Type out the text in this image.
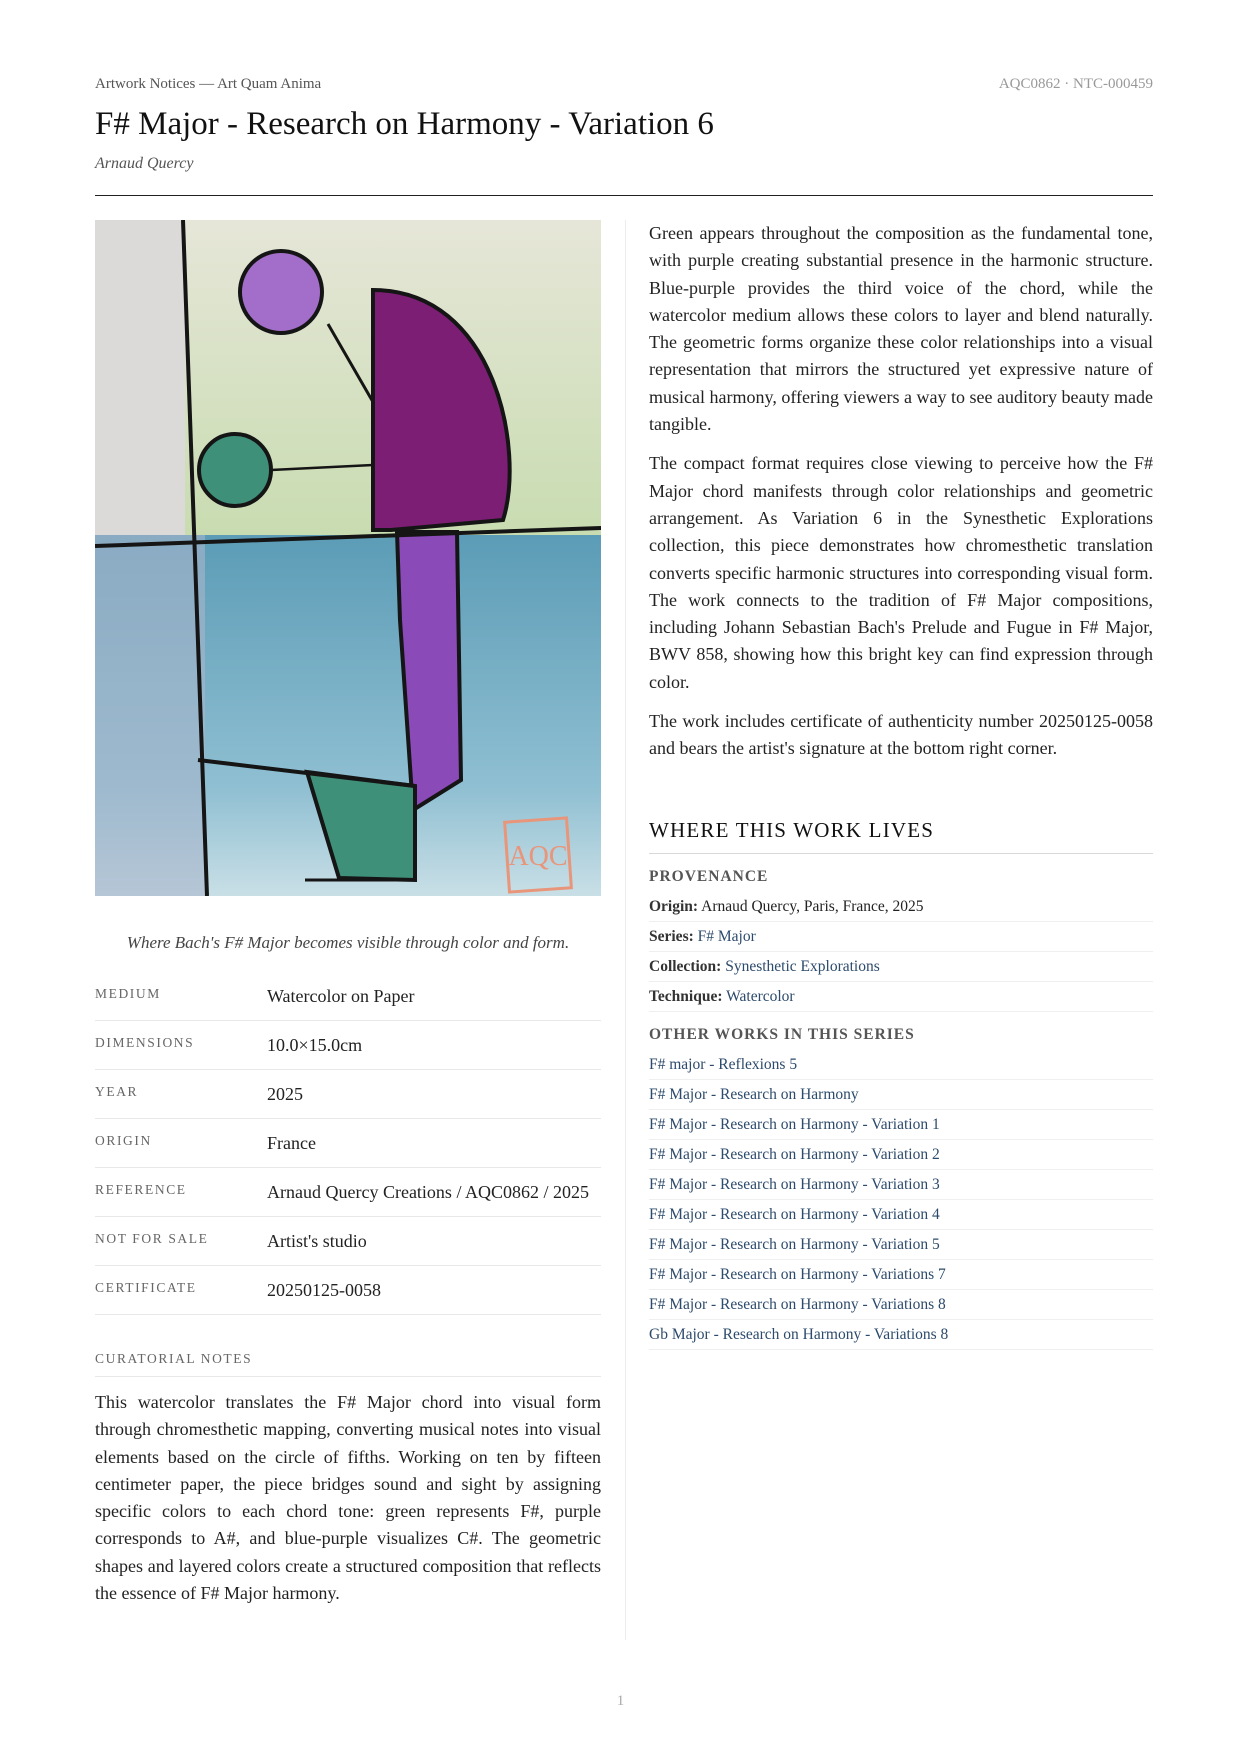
Artwork Notices — Art Quam Anima	AQC0862 · NTC-000459
F# Major - Research on Harmony - Variation 6
Arnaud Quercy
AQC
Where Bach's F# Major becomes visible through color and form.
MEDIUM	Watercolor on Paper
DIMENSIONS	10.0×15.0cm
YEAR	2025
ORIGIN	France
REFERENCE	Arnaud Quercy Creations / AQC0862 / 2025
NOT FOR SALE	Artist's studio
CERTIFICATE	20250125-0058
CURATORIAL NOTES

This watercolor translates the F# Major chord into visual form through chromesthetic mapping, converting musical notes into visual elements based on the circle of fifths. Working on ten by fifteen centimeter paper, the piece bridges sound and sight by assigning specific colors to each chord tone: green represents F#, purple corresponds to A#, and blue-purple visualizes C#. The geometric shapes and layered colors create a structured composition that reflects the essence of F# Major harmony.

Green appears throughout the composition as the fundamental tone, with purple creating substantial presence in the harmonic structure. Blue-purple provides the third voice of the chord, while the watercolor medium allows these colors to layer and blend naturally. The geometric forms organize these color relationships into a visual representation that mirrors the structured yet expressive nature of musical harmony, offering viewers a way to see auditory beauty made tangible.

The compact format requires close viewing to perceive how the F# Major chord manifests through color relationships and geometric arrangement. As Variation 6 in the Synesthetic Explorations collection, this piece demonstrates how chromesthetic translation converts specific harmonic structures into corresponding visual form. The work connects to the tradition of F# Major compositions, including Johann Sebastian Bach's Prelude and Fugue in F# Major, BWV 858, showing how this bright key can find expression through color.

The work includes certificate of authenticity number 20250125-0058 and bears the artist's signature at the bottom right corner.

WHERE THIS WORK LIVES
PROVENANCE
Origin: Arnaud Quercy, Paris, France, 2025
Series: F# Major
Collection: Synesthetic Explorations
Technique: Watercolor
OTHER WORKS IN THIS SERIES
F# major - Reflexions 5
F# Major - Research on Harmony
F# Major - Research on Harmony - Variation 1
F# Major - Research on Harmony - Variation 2
F# Major - Research on Harmony - Variation 3
F# Major - Research on Harmony - Variation 4
F# Major - Research on Harmony - Variation 5
F# Major - Research on Harmony - Variations 7
F# Major - Research on Harmony - Variations 8
Gb Major - Research on Harmony - Variations 8
1
